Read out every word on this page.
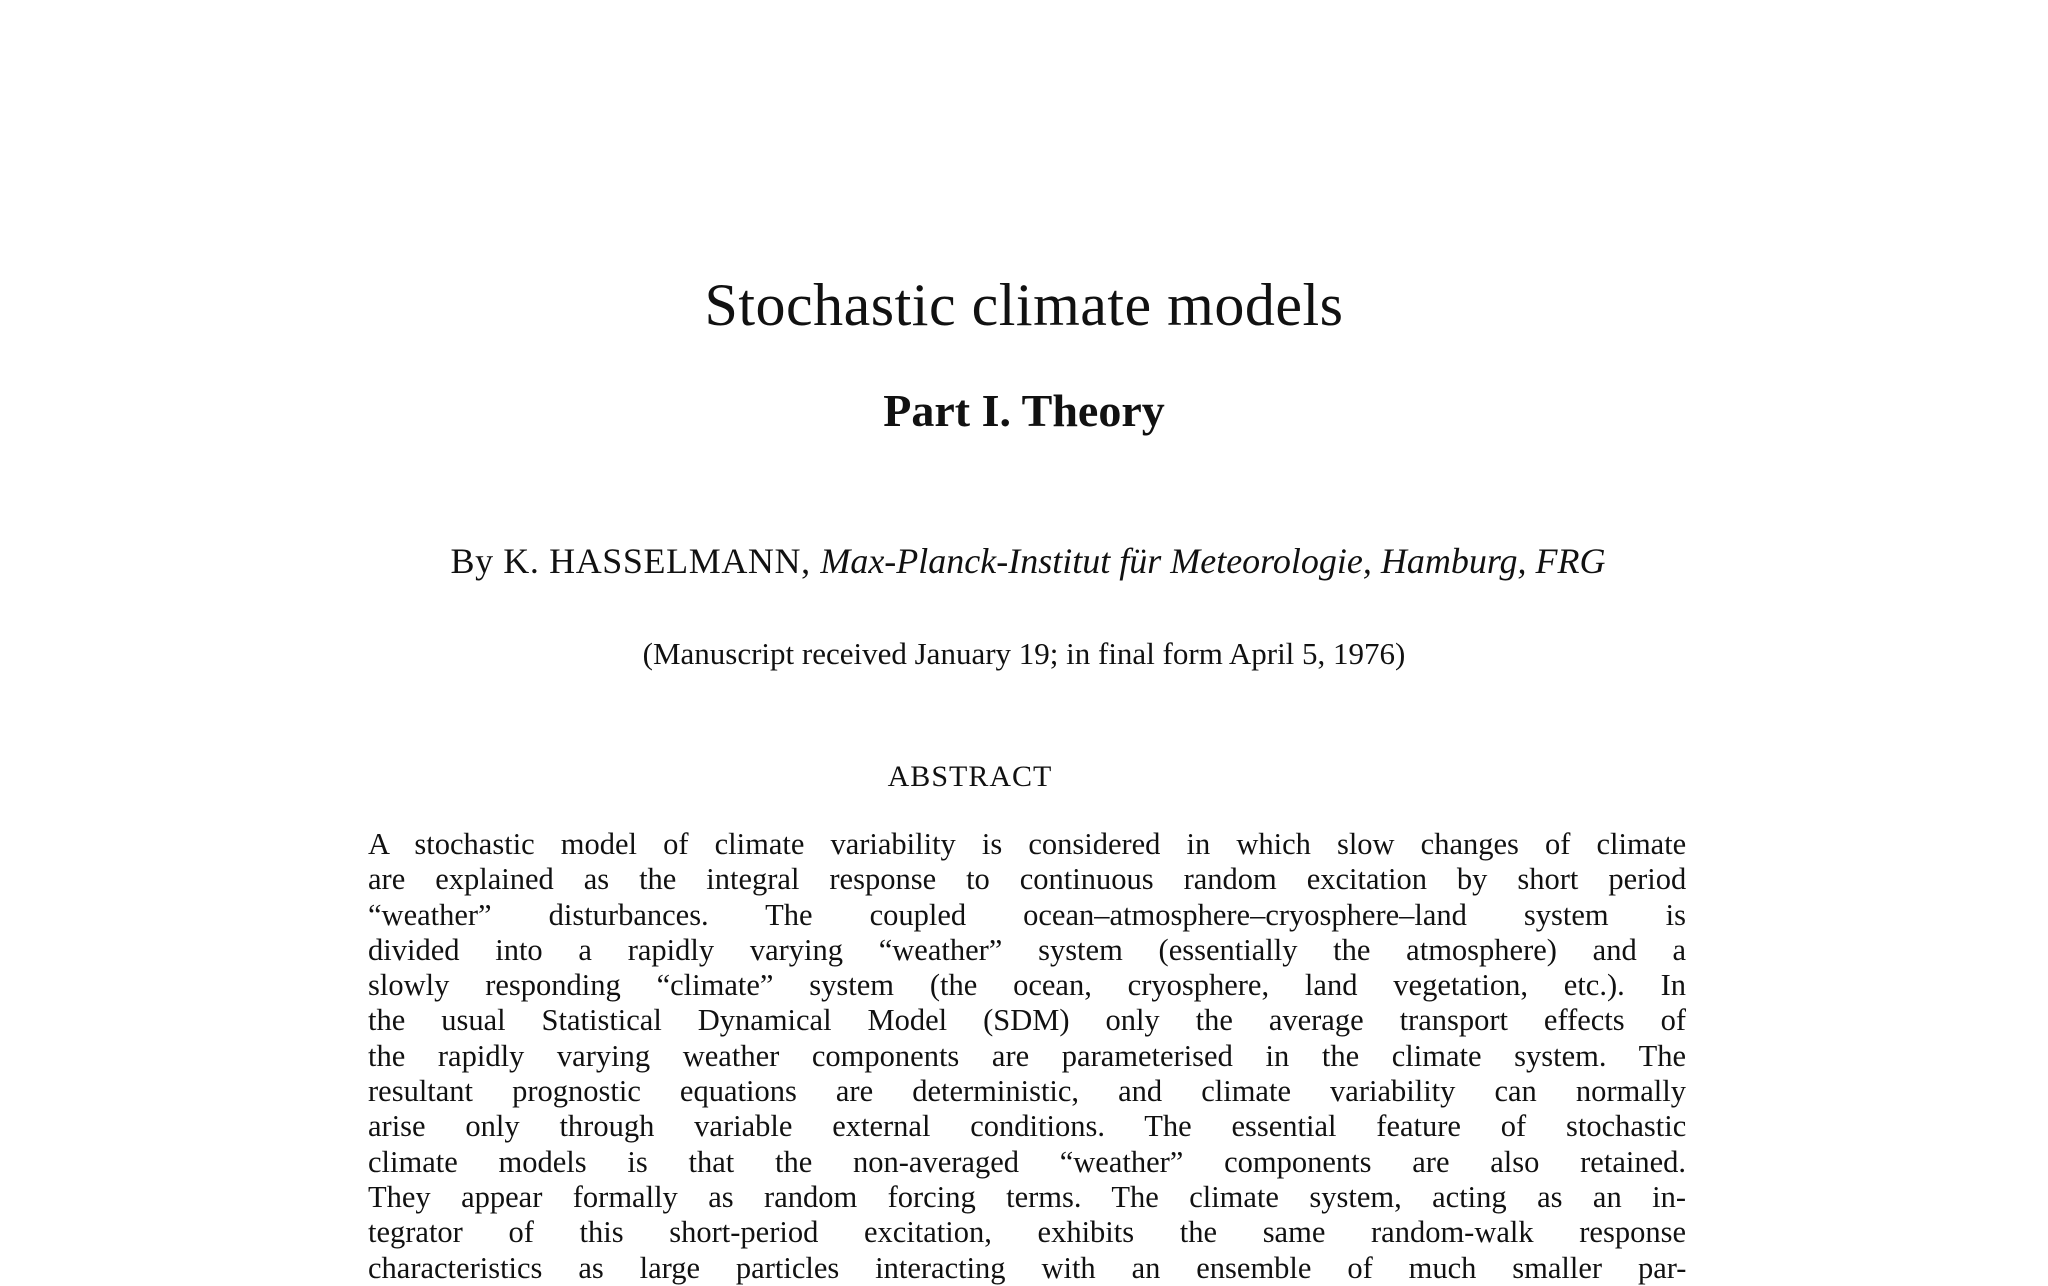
Stochastic climate models
Part I. Theory
By K. HASSELMANN, Max-Planck-Institut für Meteorologie, Hamburg, FRG
(Manuscript received January 19; in final form April 5, 1976)
ABSTRACT
A stochastic model of climate variability is considered in which slow changes of climate
are explained as the integral response to continuous random excitation by short period
“weather” disturbances. The coupled ocean–atmosphere–cryosphere–land system is
divided into a rapidly varying “weather” system (essentially the atmosphere) and a
slowly responding “climate” system (the ocean, cryosphere, land vegetation, etc.). In
the usual Statistical Dynamical Model (SDM) only the average transport effects of
the rapidly varying weather components are parameterised in the climate system. The
resultant prognostic equations are deterministic, and climate variability can normally
arise only through variable external conditions. The essential feature of stochastic
climate models is that the non-averaged “weather” components are also retained.
They appear formally as random forcing terms. The climate system, acting as an in-
tegrator of this short-period excitation, exhibits the same random-walk response
characteristics as large particles interacting with an ensemble of much smaller par-
